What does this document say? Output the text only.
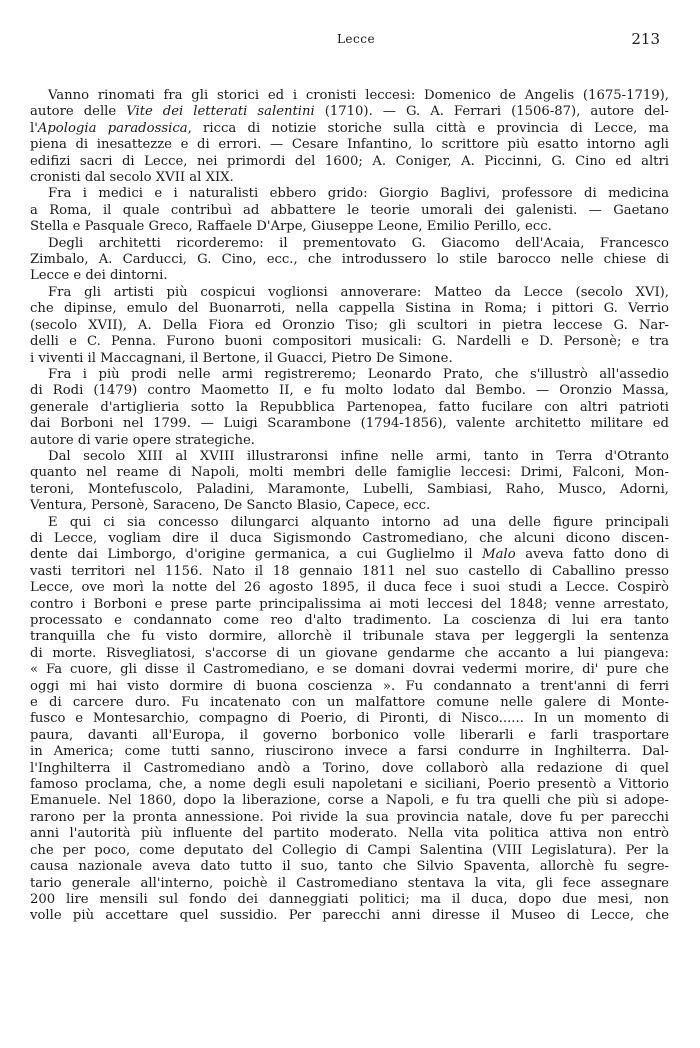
Lecce	213

Vanno rinomati fra gli storici ed i cronisti leccesi: Domenico de Angelis (1675-1719),
autore delle Vite dei letterati salentini (1710). — G. A. Ferrari (1506-87), autore del-
l'Apologia paradossica, ricca di notizie storiche sulla città e provincia di Lecce, ma
piena di inesattezze e di errori. — Cesare Infantino, lo scrittore più esatto intorno agli
edifizi sacri di Lecce, nei primordi del 1600; A. Coniger, A. Piccinni, G. Cino ed altri
cronisti dal secolo XVII al XIX.

Fra i medici e i naturalisti ebbero grido: Giorgio Baglivi, professore di medicina
a Roma, il quale contribuì ad abbattere le teorie umorali dei galenisti. — Gaetano
Stella e Pasquale Greco, Raffaele D'Arpe, Giuseppe Leone, Emilio Perillo, ecc.

Degli architetti ricorderemo: il prementovato G. Giacomo dell'Acaia, Francesco
Zimbalo, A. Carducci, G. Cino, ecc., che introdussero lo stile barocco nelle chiese di
Lecce e dei dintorni.

Fra gli artisti più cospicui voglionsi annoverare: Matteo da Lecce (secolo XVI),
che dipinse, emulo del Buonarroti, nella cappella Sistina in Roma; i pittori G. Verrio
(secolo XVII), A. Della Fiora ed Oronzio Tiso; gli scultori in pietra leccese G. Nar-
delli e C. Penna. Furono buoni compositori musicali: G. Nardelli e D. Personè; e tra
i viventi il Maccagnani, il Bertone, il Guacci, Pietro De Simone.

Fra i più prodi nelle armi registreremo; Leonardo Prato, che s'illustrò all'assedio
di Rodi (1479) contro Maometto II, e fu molto lodato dal Bembo. — Oronzio Massa,
generale d'artiglieria sotto la Repubblica Partenopea, fatto fucilare con altri patrioti
dai Borboni nel 1799. — Luigi Scarambone (1794-1856), valente architetto militare ed
autore di varie opere strategiche.

Dal secolo XIII al XVIII illustraronsi infine nelle armi, tanto in Terra d'Otranto
quanto nel reame di Napoli, molti membri delle famiglie leccesi: Drimi, Falconi, Mon-
teroni, Montefuscolo, Paladini, Maramonte, Lubelli, Sambiasi, Raho, Musco, Adorni,
Ventura, Personè, Saraceno, De Sancto Blasio, Capece, ecc.

E qui ci sia concesso dilungarci alquanto intorno ad una delle figure principali
di Lecce, vogliam dire il duca Sigismondo Castromediano, che alcuni dicono discen-
dente dai Limborgo, d'origine germanica, a cui Guglielmo il Malo aveva fatto dono di
vasti territori nel 1156. Nato il 18 gennaio 1811 nel suo castello di Caballino presso
Lecce, ove morì la notte del 26 agosto 1895, il duca fece i suoi studi a Lecce. Cospirò
contro i Borboni e prese parte principalissima ai moti leccesi del 1848; venne arrestato,
processato e condannato come reo d'alto tradimento. La coscienza di lui era tanto
tranquilla che fu visto dormire, allorchè il tribunale stava per leggergli la sentenza
di morte. Risvegliatosi, s'accorse di un giovane gendarme che accanto a lui piangeva:
« Fa cuore, gli disse il Castromediano, e se domani dovrai vedermi morire, di' pure che
oggi mi hai visto dormire di buona coscienza ». Fu condannato a trent'anni di ferri
e di carcere duro. Fu incatenato con un malfattore comune nelle galere di Monte-
fusco e Montesarchio, compagno di Poerio, di Pironti, di Nisco...... In un momento di
paura, davanti all'Europa, il governo borbonico volle liberarli e farli trasportare
in America; come tutti sanno, riuscirono invece a farsi condurre in Inghilterra. Dal-
l'Inghilterra il Castromediano andò a Torino, dove collaborò alla redazione di quel
famoso proclama, che, a nome degli esuli napoletani e siciliani, Poerio presentò a Vittorio
Emanuele. Nel 1860, dopo la liberazione, corse a Napoli, e fu tra quelli che più si adope-
rarono per la pronta annessione. Poi rivide la sua provincia natale, dove fu per parecchi
anni l'autorità più influente del partito moderato. Nella vita politica attiva non entrò
che per poco, come deputato del Collegio di Campi Salentina (VIII Legislatura). Per la
causa nazionale aveva dato tutto il suo, tanto che Silvio Spaventa, allorchè fu segre-
tario generale all'interno, poichè il Castromediano stentava la vita, gli fece assegnare
200 lire mensili sul fondo dei danneggiati politici; ma il duca, dopo due mesi, non
volle più accettare quel sussidio. Per parecchi anni diresse il Museo di Lecce, che
